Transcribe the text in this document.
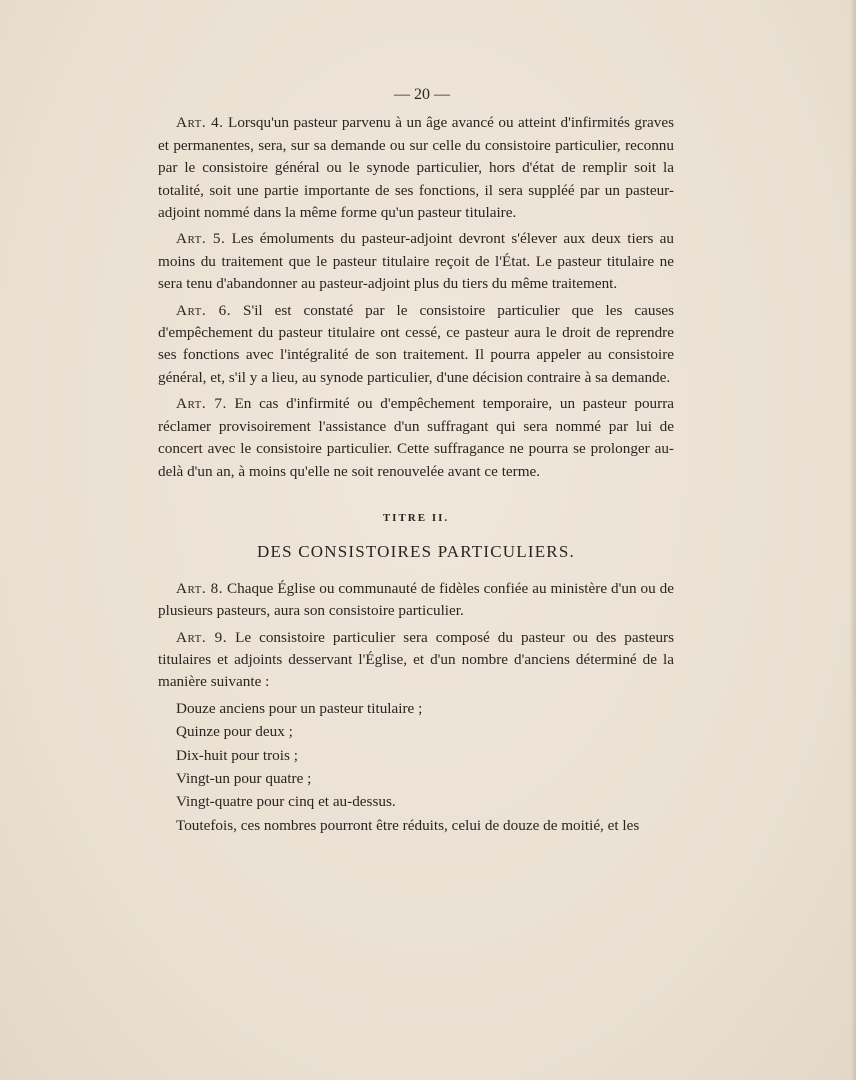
— 20 —

Art. 4. Lorsqu'un pasteur parvenu à un âge avancé ou atteint d'infirmités graves et permanentes, sera, sur sa demande ou sur celle du consistoire particulier, reconnu par le consistoire général ou le synode particulier, hors d'état de remplir soit la totalité, soit une partie importante de ses fonctions, il sera suppléé par un pasteur-adjoint nommé dans la même forme qu'un pasteur titulaire.

Art. 5. Les émoluments du pasteur-adjoint devront s'élever aux deux tiers au moins du traitement que le pasteur titulaire reçoit de l'État. Le pasteur titulaire ne sera tenu d'abandonner au pasteur-adjoint plus du tiers du même traitement.

Art. 6. S'il est constaté par le consistoire particulier que les causes d'empêchement du pasteur titulaire ont cessé, ce pasteur aura le droit de reprendre ses fonctions avec l'intégralité de son traitement. Il pourra appeler au consistoire général, et, s'il y a lieu, au synode particulier, d'une décision contraire à sa demande.

Art. 7. En cas d'infirmité ou d'empêchement temporaire, un pasteur pourra réclamer provisoirement l'assistance d'un suffragant qui sera nommé par lui de concert avec le consistoire particulier. Cette suffragance ne pourra se prolonger au-delà d'un an, à moins qu'elle ne soit renouvelée avant ce terme.

TITRE II.
DES CONSISTOIRES PARTICULIERS.

Art. 8. Chaque Église ou communauté de fidèles confiée au ministère d'un ou de plusieurs pasteurs, aura son consistoire particulier.

Art. 9. Le consistoire particulier sera composé du pasteur ou des pasteurs titulaires et adjoints desservant l'Église, et d'un nombre d'anciens déterminé de la manière suivante :

Douze anciens pour un pasteur titulaire ;
Quinze pour deux ;
Dix-huit pour trois ;
Vingt-un pour quatre ;
Vingt-quatre pour cinq et au-dessus.

Toutefois, ces nombres pourront être réduits, celui de douze de moitié, et les
